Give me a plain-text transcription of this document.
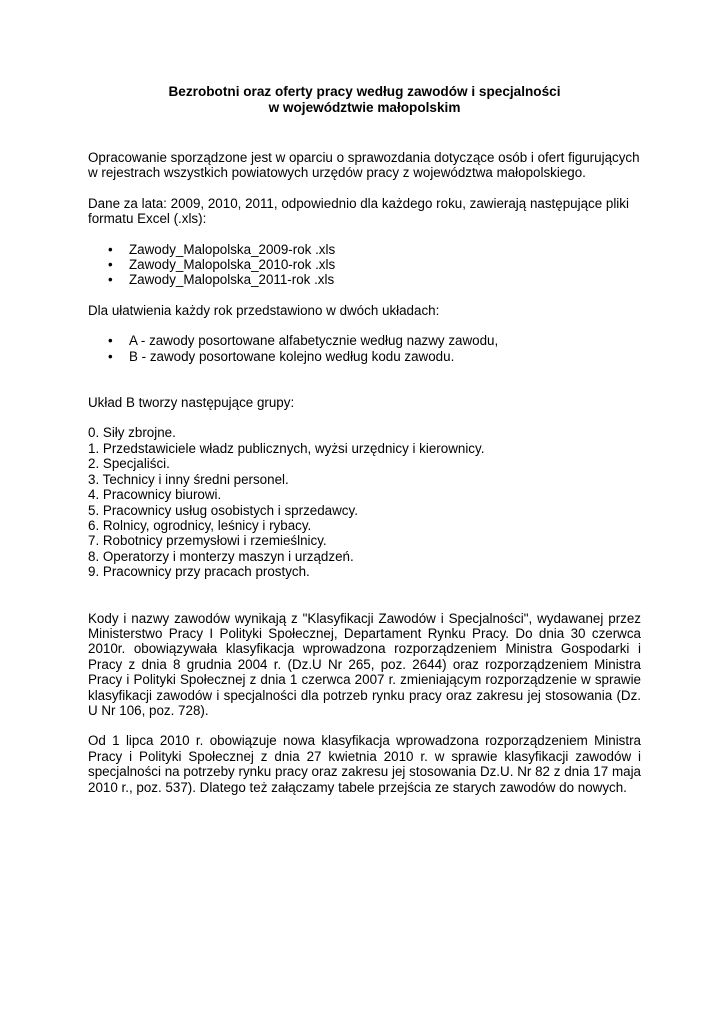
Bezrobotni oraz oferty pracy według zawodów i specjalności

w województwie małopolskim

Opracowanie sporządzone jest w oparciu o sprawozdania dotyczące osób i ofert figurujących w rejestrach wszystkich powiatowych urzędów pracy z województwa małopolskiego.

Dane za lata: 2009, 2010, 2011, odpowiednio dla każdego roku, zawierają następujące pliki formatu Excel (.xls):

• Zawody_Malopolska_2009-rok .xls
• Zawody_Malopolska_2010-rok .xls
• Zawody_Malopolska_2011-rok .xls

Dla ułatwienia każdy rok przedstawiono w dwóch układach:

• A - zawody posortowane alfabetycznie według nazwy zawodu,
• B - zawody posortowane kolejno według kodu zawodu.

Układ B tworzy następujące grupy:

0. Siły zbrojne.
1. Przedstawiciele władz publicznych, wyżsi urzędnicy i kierownicy.
2. Specjaliści.
3. Technicy i inny średni personel.
4. Pracownicy biurowi.
5. Pracownicy usług osobistych i sprzedawcy.
6. Rolnicy, ogrodnicy, leśnicy i rybacy.
7. Robotnicy przemysłowi i rzemieślnicy.
8. Operatorzy i monterzy maszyn i urządzeń.
9. Pracownicy przy pracach prostych.

Kody i nazwy zawodów wynikają z "Klasyfikacji Zawodów i Specjalności", wydawanej przez Ministerstwo Pracy I Polityki Społecznej, Departament Rynku Pracy. Do dnia 30 czerwca 2010r. obowiązywała klasyfikacja wprowadzona rozporządzeniem Ministra Gospodarki i Pracy z dnia 8 grudnia 2004 r. (Dz.U Nr 265, poz. 2644) oraz rozporządzeniem Ministra Pracy i Polityki Społecznej z dnia 1 czerwca 2007 r. zmieniającym rozporządzenie w sprawie klasyfikacji zawodów i specjalności dla potrzeb rynku pracy oraz zakresu jej stosowania (Dz. U Nr 106, poz. 728).

Od 1 lipca 2010 r. obowiązuje nowa klasyfikacja wprowadzona rozporządzeniem Ministra Pracy i Polityki Społecznej z dnia 27 kwietnia 2010 r. w sprawie klasyfikacji zawodów i specjalności na potrzeby rynku pracy oraz zakresu jej stosowania Dz.U. Nr 82 z dnia 17 maja 2010 r., poz. 537). Dlatego też załączamy tabele przejścia ze starych zawodów do nowych.
